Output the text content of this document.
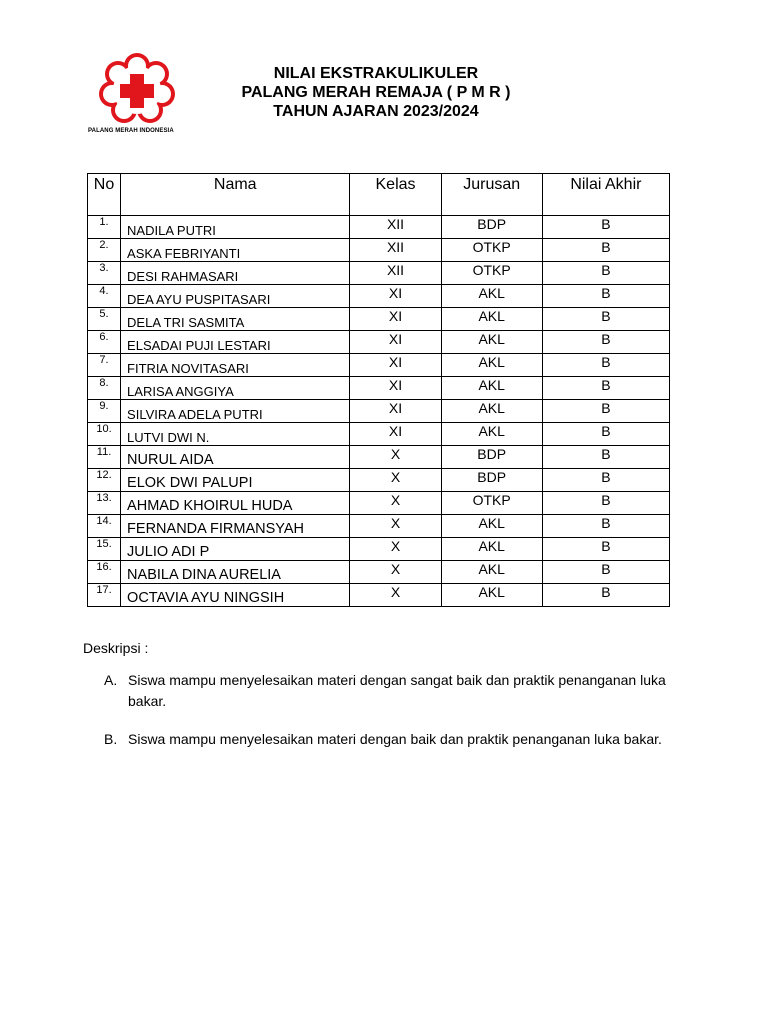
PALANG MERAH INDONESIA
NILAI EKSTRAKULIKULER
PALANG MERAH REMAJA ( P M R )
TAHUN AJARAN 2023/2024
No	Nama	Kelas	Jurusan	Nilai Akhir
1.	NADILA PUTRI	XII	BDP	B
2.	ASKA FEBRIYANTI	XII	OTKP	B
3.	DESI RAHMASARI	XII	OTKP	B
4.	DEA AYU PUSPITASARI	XI	AKL	B
5.	DELA TRI SASMITA	XI	AKL	B
6.	ELSADAI PUJI LESTARI	XI	AKL	B
7.	FITRIA NOVITASARI	XI	AKL	B
8.	LARISA ANGGIYA	XI	AKL	B
9.	SILVIRA ADELA PUTRI	XI	AKL	B
10.	LUTVI DWI N.	XI	AKL	B
11.	NURUL AIDA	X	BDP	B
12.	ELOK DWI PALUPI	X	BDP	B
13.	AHMAD KHOIRUL HUDA	X	OTKP	B
14.	FERNANDA FIRMANSYAH	X	AKL	B
15.	JULIO ADI P	X	AKL	B
16.	NABILA DINA AURELIA	X	AKL	B
17.	OCTAVIA AYU NINGSIH	X	AKL	B
Deskripsi :
A. Siswa mampu menyelesaikan materi dengan sangat baik dan praktik penanganan luka bakar.
B. Siswa mampu menyelesaikan materi dengan baik dan praktik penanganan luka bakar.
